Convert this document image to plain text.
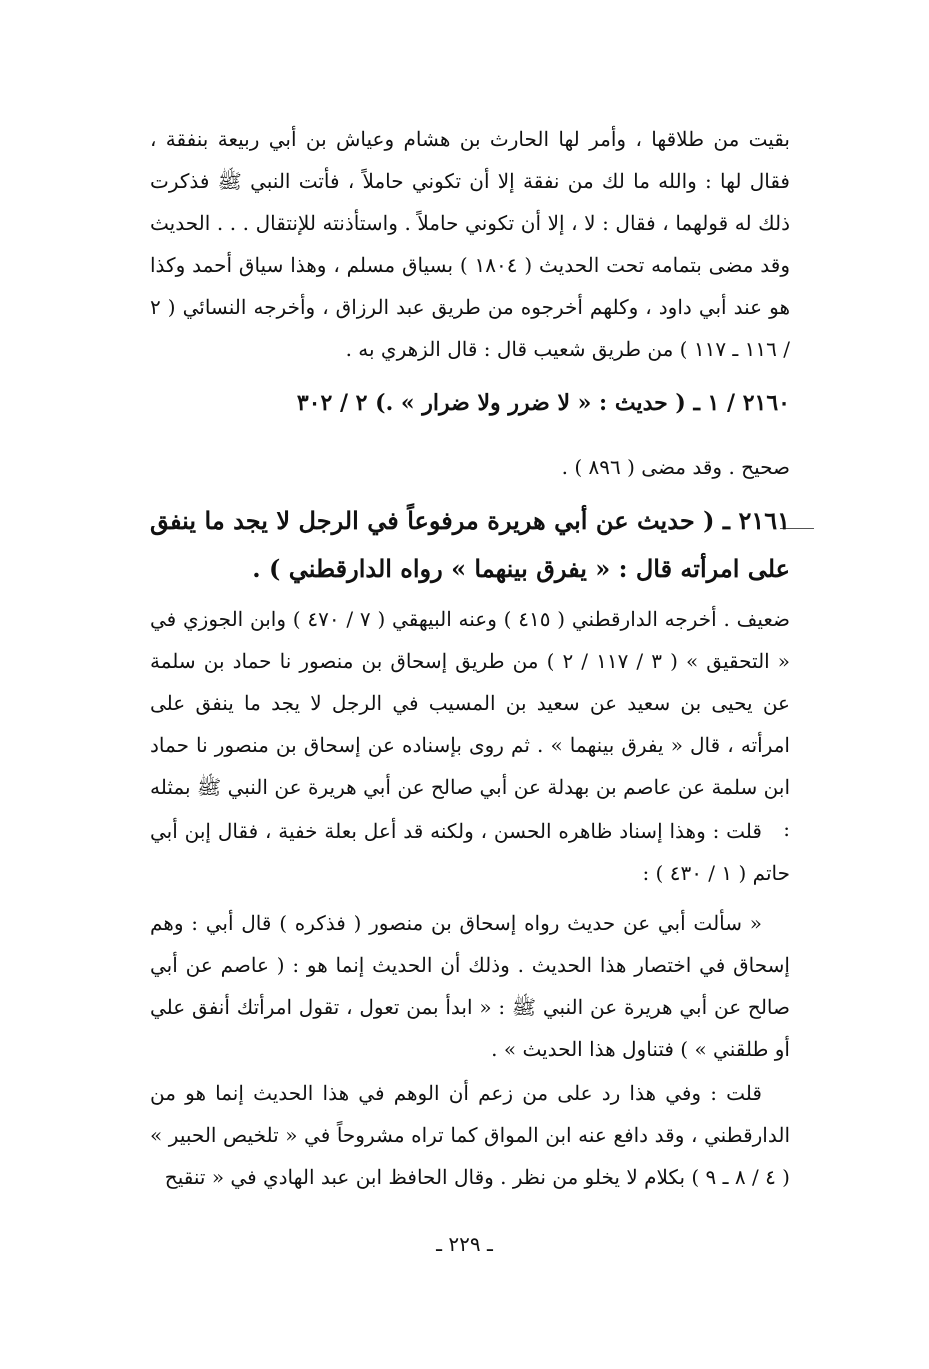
بقيت من طلاقها ، وأمر لها الحارث بن هشام وعياش بن أبي ربيعة بنفقة ، فقال لها : والله ما لك من نفقة إلا أن تكوني حاملاً ، فأتت النبي ﷺ فذكرت ذلك له قولهما ، فقال : لا ، إلا أن تكوني حاملاً . واستأذنته للإنتقال . . . الحديث وقد مضى بتمامه تحت الحديث ( ١٨٠٤ ) بسياق مسلم ، وهذا سياق أحمد وكذا هو عند أبي داود ، وكلهم أخرجوه من طريق عبد الرزاق ، وأخرجه النسائي ( ٢ / ١١٦ ـ ١١٧ ) من طريق شعيب قال : قال الزهري به .

٢١٦٠ / ١ ـ ( حديث : « لا ضرر ولا ضرار » .) ٢ / ٣٠٢

صحيح . وقد مضى ( ٨٩٦ ) .

٢١٦١ ـ ( حديث عن أبي هريرة مرفوعاً في الرجل لا يجد ما ينفق على امرأته قال : « يفرق بينهما » رواه الدارقطني ) .

ضعيف . أخرجه الدارقطني ( ٤١٥ ) وعنه البيهقي ( ٧ / ٤٧٠ ) وابن الجوزي في « التحقيق » ( ٣ / ١١٧ / ٢ ) من طريق إسحاق بن منصور نا حماد بن سلمة عن يحيى بن سعيد عن سعيد بن المسيب في الرجل لا يجد ما ينفق على امرأته ، قال « يفرق بينهما » . ثم روى بإسناده عن إسحاق بن منصور نا حماد ابن سلمة عن عاصم بن بهدلة عن أبي صالح عن أبي هريرة عن النبي ﷺ بمثله :

قلت : وهذا إسناد ظاهره الحسن ، ولكنه قد أعل بعلة خفية ، فقال إبن أبي حاتم ( ١ / ٤٣٠ ) :

« سألت أبي عن حديث رواه إسحاق بن منصور ( فذكره ) قال أبي : وهم إسحاق في اختصار هذا الحديث . وذلك أن الحديث إنما هو : ( عاصم عن أبي صالح عن أبي هريرة عن النبي ﷺ : « ابدأ بمن تعول ، تقول امرأتك أنفق علي أو طلقني » ) فتناول هذا الحديث » .

قلت : وفي هذا رد على من زعم أن الوهم في هذا الحديث إنما هو من الدارقطني ، وقد دافع عنه ابن المواق كما تراه مشروحاً في « تلخيص الحبير » ( ٤ / ٨ ـ ٩ ) بكلام لا يخلو من نظر . وقال الحافظ ابن عبد الهادي في « تنقيح

ـ ٢٢٩ ـ
